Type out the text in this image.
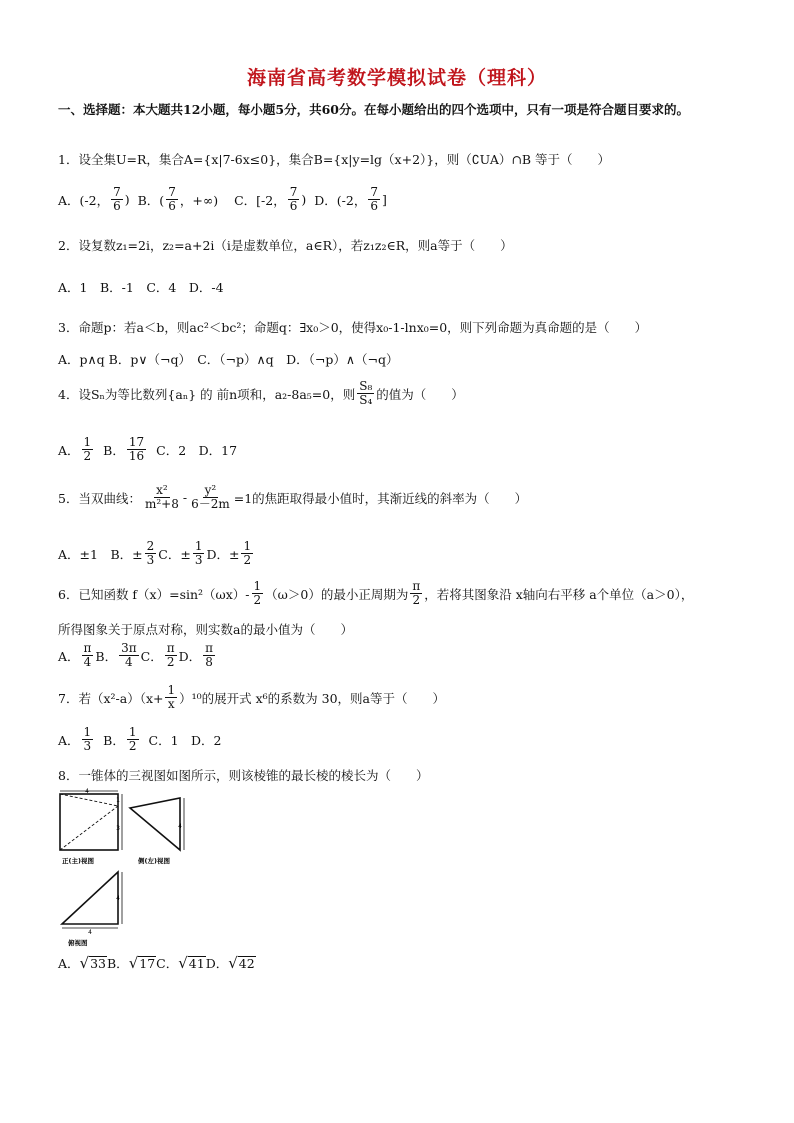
海南省高考数学模拟试卷（理科）
一、选择题：本大题共12小题，每小题5分，共60分。在每小题给出的四个选项中，只有一项是符合题目要求的。
1．设全集U=R，集合A={x|7-6x≤0}，集合B={x|y=lg（x+2）}，则（∁UA）∩B 等于（　　）
A．(-2， $\frac{7}{6}$ ) B．( $\frac{7}{6}$ ，+∞) C．[-2， $\frac{7}{6}$ ) D．(-2， $\frac{7}{6}$ ]
2．设复数z₁=2i，z₂=a+2i（i是虚数单位，a∈R），若z₁z₂∈R，则a等于（　　）
A．1　B．-1　C．4　D．-4
3．命题p：若a＜b，则ac²＜bc²；命题q：∃x₀＞0，使得x₀-1-lnx₀=0，则下列命题为真命题的是（　　）
A．p∧q B．p∨（¬q）　C．（¬p）∧q　D．（¬p）∧（¬q）
4．设Sₙ为等比数列{aₙ} 的 前n项和，a₂-8a₅=0，则 $\frac{\text{S₈}}{\text{S₄}}$ 的值为（　　）
A． $\frac{1}{2}$ B． $\frac{17}{16}$ C．2　D．17
5．当双曲线： $\frac{\text{x²}}{\text{m²+8}} - \frac{\text{y²}}{6-2m} =1$的焦距取得最小值时，其渐近线的斜率为（　　）
A．±1　B．± $\frac{2}{3}$ C．± $\frac{1}{3}$ D．± $\frac{1}{2}$
6．已知函数 $f(x)=\sin^2(\omega x)- \frac{1}{2} (\omega>0)$的最小正周期为 $\frac{\pi}{2}$ ，若将其图象沿 x轴向右平移 a个单位（a＞0），
所得图象关于原点对称，则实数a的最小值为（　　）
A． $\frac{\pi}{4}$ B． $\frac{3\pi}{4}$ C． $\frac{\pi}{2}$ D． $\frac{\pi}{8}$
7．若$(x^2-a)(x+ \frac{1}{x} )^{10}$的展开式 x⁶的系数为 30，则a等于（　　）
A． $\frac{1}{3}$ B． $\frac{1}{2}$ C．1　D．2
8．一锥体的三视图如图所示，则该棱锥的最长棱的棱长为（　　）
4
1
3
正(主)视图
4
侧(左)视图
4
4
俯视图
A． √ 33 B． √ 17 C． √ 41 D． √ 42
